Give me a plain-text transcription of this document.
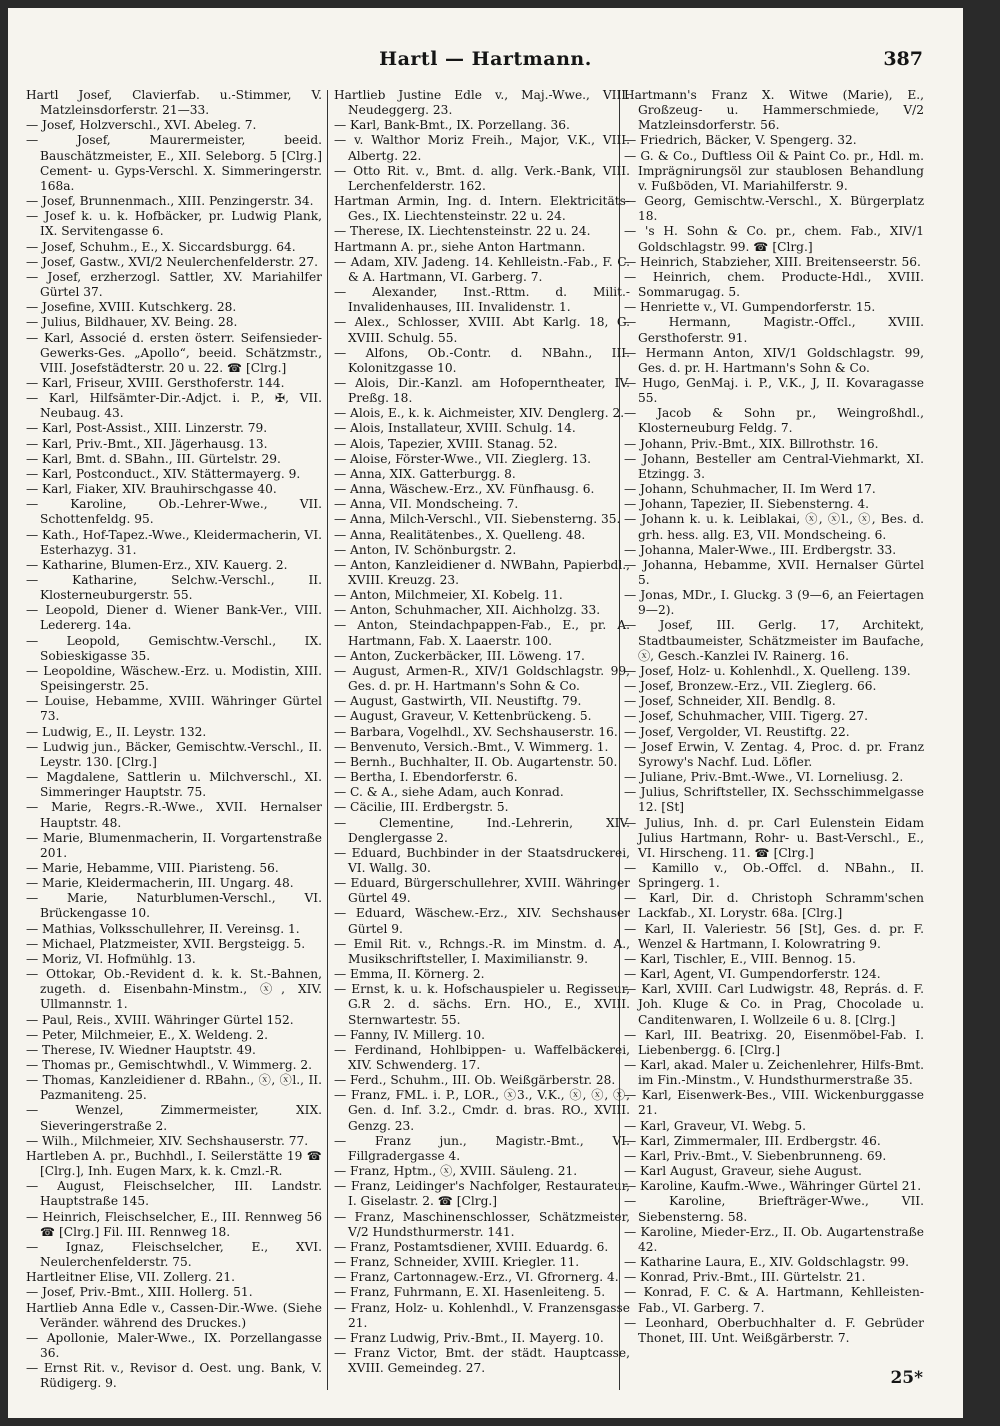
Hartl — Hartmann.	387
Hartl Josef, Clavierfab. u.-Stimmer, V. Matzleinsdorferstr. 21—33.
— Josef, Holzverschl., XVI. Abeleg. 7.
— Josef, Maurermeister, beeid. Bauschätzmeister, E., XII. Seleborg. 5 [Clrg.] Cement- u. Gyps-Verschl. X. Simmeringerstr. 168a.
— Josef, Brunnenmach., XIII. Penzingerstr. 34.
— Josef k. u. k. Hofbäcker, pr. Ludwig Plank, IX. Servitengasse 6.
— Josef, Schuhm., E., X. Siccardsburgg. 64.
— Josef, Gastw., XVI/2 Neulerchenfelderstr. 27.
— Josef, erzherzogl. Sattler, XV. Mariahilfer Gürtel 37.
— Josefine, XVIII. Kutschkerg. 28.
— Julius, Bildhauer, XV. Being. 28.
— Karl, Associé d. ersten österr. Seifensieder-Gewerks-Ges. „Apollo“, beeid. Schätzmstr., VIII. Josefstädterstr. 20 u. 22. ☎ [Clrg.]
— Karl, Friseur, XVIII. Gersthoferstr. 144.
— Karl, Hilfsämter-Dir.-Adjct. i. P., ✠, VII. Neubaug. 43.
— Karl, Post-Assist., XIII. Linzerstr. 79.
— Karl, Priv.-Bmt., XII. Jägerhausg. 13.
— Karl, Bmt. d. SBahn., III. Gürtelstr. 29.
— Karl, Postconduct., XIV. Stättermayerg. 9.
— Karl, Fiaker, XIV. Brauhirschgasse 40.
— Karoline, Ob.-Lehrer-Wwe., VII. Schottenfeldg. 95.
— Kath., Hof-Tapez.-Wwe., Kleidermacherin, VI. Esterhazyg. 31.
— Katharine, Blumen-Erz., XIV. Kauerg. 2.
— Katharine, Selchw.-Verschl., II. Klosterneuburgerstr. 55.
— Leopold, Diener d. Wiener Bank-Ver., VIII. Ledererg. 14a.
— Leopold, Gemischtw.-Verschl., IX. Sobieskigasse 35.
— Leopoldine, Wäschew.-Erz. u. Modistin, XIII. Speisingerstr. 25.
— Louise, Hebamme, XVIII. Währinger Gürtel 73.
— Ludwig, E., II. Leystr. 132.
— Ludwig jun., Bäcker, Gemischtw.-Verschl., II. Leystr. 130. [Clrg.]
— Magdalene, Sattlerin u. Milchverschl., XI. Simmeringer Hauptstr. 75.
— Marie, Regrs.-R.-Wwe., XVII. Hernalser Hauptstr. 48.
— Marie, Blumenmacherin, II. Vorgartenstraße 201.
— Marie, Hebamme, VIII. Piaristeng. 56.
— Marie, Kleidermacherin, III. Ungarg. 48.
— Marie, Naturblumen-Verschl., VI. Brückengasse 10.
— Mathias, Volksschullehrer, II. Vereinsg. 1.
— Michael, Platzmeister, XVII. Bergsteigg. 5.
— Moriz, VI. Hofmühlg. 13.
— Ottokar, Ob.-Revident d. k. k. St.-Bahnen, zugeth. d. Eisenbahn-Minstm., ⓧ, XIV. Ullmannstr. 1.
— Paul, Reis., XVIII. Währinger Gürtel 152.
— Peter, Milchmeier, E., X. Weldeng. 2.
— Therese, IV. Wiedner Hauptstr. 49.
— Thomas pr., Gemischtwhdl., V. Wimmerg. 2.
— Thomas, Kanzleidiener d. RBahn., ⓧ, ⓧl., II. Pazmaniteng. 25.
— Wenzel, Zimmermeister, XIX. Sieveringerstraße 2.
— Wilh., Milchmeier, XIV. Sechshauserstr. 77.
Hartleben A. pr., Buchhdl., I. Seilerstätte 19 ☎ [Clrg.], Inh. Eugen Marx, k. k. Cmzl.-R.
— August, Fleischselcher, III. Landstr. Hauptstraße 145.
— Heinrich, Fleischselcher, E., III. Rennweg 56 ☎ [Clrg.] Fil. III. Rennweg 18.
— Ignaz, Fleischselcher, E., XVI. Neulerchenfelderstr. 75.
Hartleitner Elise, VII. Zollerg. 21.
— Josef, Priv.-Bmt., XIII. Hollerg. 51.
Hartlieb Anna Edle v., Cassen-Dir.-Wwe. (Siehe Veränder. während des Druckes.)
— Apollonie, Maler-Wwe., IX. Porzellangasse 36.
— Ernst Rit. v., Revisor d. Oest. ung. Bank, V. Rüdigerg. 9.
Hartlieb Justine Edle v., Maj.-Wwe., VIII. Neudeggerg. 23.
— Karl, Bank-Bmt., IX. Porzellang. 36.
— v. Walthor Moriz Freih., Major, V.K., VIII. Albertg. 22.
— Otto Rit. v., Bmt. d. allg. Verk.-Bank, VIII. Lerchenfelderstr. 162.
Hartman Armin, Ing. d. Intern. Elektricitäts-Ges., IX. Liechtensteinstr. 22 u. 24.
— Therese, IX. Liechtensteinstr. 22 u. 24.
Hartmann A. pr., siehe Anton Hartmann.
— Adam, XIV. Jadeng. 14. Kehlleistn.-Fab., F. C. & A. Hartmann, VI. Garberg. 7.
— Alexander, Inst.-Rttm. d. Milit.-Invalidenhauses, III. Invalidenstr. 1.
— Alex., Schlosser, XVIII. Abt Karlg. 18, G. XVIII. Schulg. 55.
— Alfons, Ob.-Contr. d. NBahn., III. Kolonitzgasse 10.
— Alois, Dir.-Kanzl. am Hofoperntheater, IV. Preßg. 18.
— Alois, E., k. k. Aichmeister, XIV. Denglerg. 2.
— Alois, Installateur, XVIII. Schulg. 14.
— Alois, Tapezier, XVIII. Stanag. 52.
— Aloise, Förster-Wwe., VII. Zieglerg. 13.
— Anna, XIX. Gatterburgg. 8.
— Anna, Wäschew.-Erz., XV. Fünfhausg. 6.
— Anna, VII. Mondscheing. 7.
— Anna, Milch-Verschl., VII. Siebensterng. 35.
— Anna, Realitätenbes., X. Quelleng. 48.
— Anton, IV. Schönburgstr. 2.
— Anton, Kanzleidiener d. NWBahn, Papierbdl., XVIII. Kreuzg. 23.
— Anton, Milchmeier, XI. Kobelg. 11.
— Anton, Schuhmacher, XII. Aichholzg. 33.
— Anton, Steindachpappen-Fab., E., pr. A. Hartmann, Fab. X. Laaerstr. 100.
— Anton, Zuckerbäcker, III. Löweng. 17.
— August, Armen-R., XIV/1 Goldschlagstr. 99, Ges. d. pr. H. Hartmann's Sohn & Co.
— August, Gastwirth, VII. Neustiftg. 79.
— August, Graveur, V. Kettenbrückeng. 5.
— Barbara, Vogelhdl., XV. Sechshauserstr. 16.
— Benvenuto, Versich.-Bmt., V. Wimmerg. 1.
— Bernh., Buchhalter, II. Ob. Augartenstr. 50.
— Bertha, I. Ebendorferstr. 6.
— C. & A., siehe Adam, auch Konrad.
— Cäcilie, III. Erdbergstr. 5.
— Clementine, Ind.-Lehrerin, XIV. Denglergasse 2.
— Eduard, Buchbinder in der Staatsdruckerei, VI. Wallg. 30.
— Eduard, Bürgerschullehrer, XVIII. Währinger Gürtel 49.
— Eduard, Wäschew.-Erz., XIV. Sechshauser Gürtel 9.
— Emil Rit. v., Rchngs.-R. im Minstm. d. A., Musikschriftsteller, I. Maximilianstr. 9.
— Emma, II. Körnerg. 2.
— Ernst, k. u. k. Hofschauspieler u. Regisseur, G.R 2. d. sächs. Ern. HO., E., XVIII. Sternwartestr. 55.
— Fanny, IV. Millerg. 10.
— Ferdinand, Hohlbippen- u. Waffelbäckerei, XIV. Schwenderg. 17.
— Ferd., Schuhm., III. Ob. Weißgärberstr. 28.
— Franz, FML. i. P., LOR., ⓧ3., V.K., ⓧ, ⓧ, ⓧ, Gen. d. Inf. 3.2., Cmdr. d. bras. RO., XVIII. Genzg. 23.
— Franz jun., Magistr.-Bmt., VI. Fillgradergasse 4.
— Franz, Hptm., ⓧ, XVIII. Säuleng. 21.
— Franz, Leidinger's Nachfolger, Restaurateur, I. Giselastr. 2. ☎ [Clrg.]
— Franz, Maschinenschlosser, Schätzmeister, V/2 Hundsthurmerstr. 141.
— Franz, Postamtsdiener, XVIII. Eduardg. 6.
— Franz, Schneider, XVIII. Kriegler. 11.
— Franz, Cartonnagew.-Erz., VI. Gfrornerg. 4.
— Franz, Fuhrmann, E. XI. Hasenleiteng. 5.
— Franz, Holz- u. Kohlenhdl., V. Franzensgasse 21.
— Franz Ludwig, Priv.-Bmt., II. Mayerg. 10.
— Franz Victor, Bmt. der städt. Hauptcasse, XVIII. Gemeindeg. 27.
Hartmann's Franz X. Witwe (Marie), E., Großzeug- u. Hammerschmiede, V/2 Matzleinsdorferstr. 56.
— Friedrich, Bäcker, V. Spengerg. 32.
— G. & Co., Duftless Oil & Paint Co. pr., Hdl. m. Imprägnirungsöl zur staublosen Behandlung v. Fußböden, VI. Mariahilferstr. 9.
— Georg, Gemischtw.-Verschl., X. Bürgerplatz 18.
— 's H. Sohn & Co. pr., chem. Fab., XIV/1 Goldschlagstr. 99. ☎ [Clrg.]
— Heinrich, Stabzieher, XIII. Breitenseerstr. 56.
— Heinrich, chem. Producte-Hdl., XVIII. Sommarugag. 5.
— Henriette v., VI. Gumpendorferstr. 15.
— Hermann, Magistr.-Offcl., XVIII. Gersthoferstr. 91.
— Hermann Anton, XIV/1 Goldschlagstr. 99, Ges. d. pr. H. Hartmann's Sohn & Co.
— Hugo, GenMaj. i. P., V.K., J, II. Kovaragasse 55.
— Jacob & Sohn pr., Weingroßhdl., Klosterneuburg Feldg. 7.
— Johann, Priv.-Bmt., XIX. Billrothstr. 16.
— Johann, Besteller am Central-Viehmarkt, XI. Etzingg. 3.
— Johann, Schuhmacher, II. Im Werd 17.
— Johann, Tapezier, II. Siebensterng. 4.
— Johann k. u. k. Leiblakai, ⓧ, ⓧl., ⓧ, Bes. d. grh. hess. allg. E3, VII. Mondscheing. 6.
— Johanna, Maler-Wwe., III. Erdbergstr. 33.
— Johanna, Hebamme, XVII. Hernalser Gürtel 5.
— Jonas, MDr., I. Gluckg. 3 (9—6, an Feiertagen 9—2).
— Josef, III. Gerlg. 17, Architekt, Stadtbaumeister, Schätzmeister im Baufache, ⓧ, Gesch.-Kanzlei IV. Rainerg. 16.
— Josef, Holz- u. Kohlenhdl., X. Quelleng. 139.
— Josef, Bronzew.-Erz., VII. Zieglerg. 66.
— Josef, Schneider, XII. Bendlg. 8.
— Josef, Schuhmacher, VIII. Tigerg. 27.
— Josef, Vergolder, VI. Reustiftg. 22.
— Josef Erwin, V. Zentag. 4, Proc. d. pr. Franz Syrowy's Nachf. Lud. Löfler.
— Juliane, Priv.-Bmt.-Wwe., VI. Lorneliusg. 2.
— Julius, Schriftsteller, IX. Sechsschimmelgasse 12. [St]
— Julius, Inh. d. pr. Carl Eulenstein Eidam Julius Hartmann, Rohr- u. Bast-Verschl., E., VI. Hirscheng. 11. ☎ [Clrg.]
— Kamillo v., Ob.-Offcl. d. NBahn., II. Springerg. 1.
— Karl, Dir. d. Christoph Schramm'schen Lackfab., XI. Lorystr. 68a. [Clrg.]
— Karl, II. Valeriestr. 56 [St], Ges. d. pr. F. Wenzel & Hartmann, I. Kolowratring 9.
— Karl, Tischler, E., VIII. Bennog. 15.
— Karl, Agent, VI. Gumpendorferstr. 124.
— Karl, XVIII. Carl Ludwigstr. 48, Reprás. d. F. Joh. Kluge & Co. in Prag, Chocolade u. Canditenwaren, I. Wollzeile 6 u. 8. [Clrg.]
— Karl, III. Beatrixg. 20, Eisenmöbel-Fab. I. Liebenbergg. 6. [Clrg.]
— Karl, akad. Maler u. Zeichenlehrer, Hilfs-Bmt. im Fin.-Minstm., V. Hundsthurmerstraße 35.
— Karl, Eisenwerk-Bes., VIII. Wickenburggasse 21.
— Karl, Graveur, VI. Webg. 5.
— Karl, Zimmermaler, III. Erdbergstr. 46.
— Karl, Priv.-Bmt., V. Siebenbrunneng. 69.
— Karl August, Graveur, siehe August.
— Karoline, Kaufm.-Wwe., Währinger Gürtel 21.
— Karoline, Briefträger-Wwe., VII. Siebensterng. 58.
— Karoline, Mieder-Erz., II. Ob. Augartenstraße 42.
— Katharine Laura, E., XIV. Goldschlagstr. 99.
— Konrad, Priv.-Bmt., III. Gürtelstr. 21.
— Konrad, F. C. & A. Hartmann, Kehlleisten-Fab., VI. Garberg. 7.
— Leonhard, Oberbuchhalter d. F. Gebrüder Thonet, III. Unt. Weißgärberstr. 7.
25*
